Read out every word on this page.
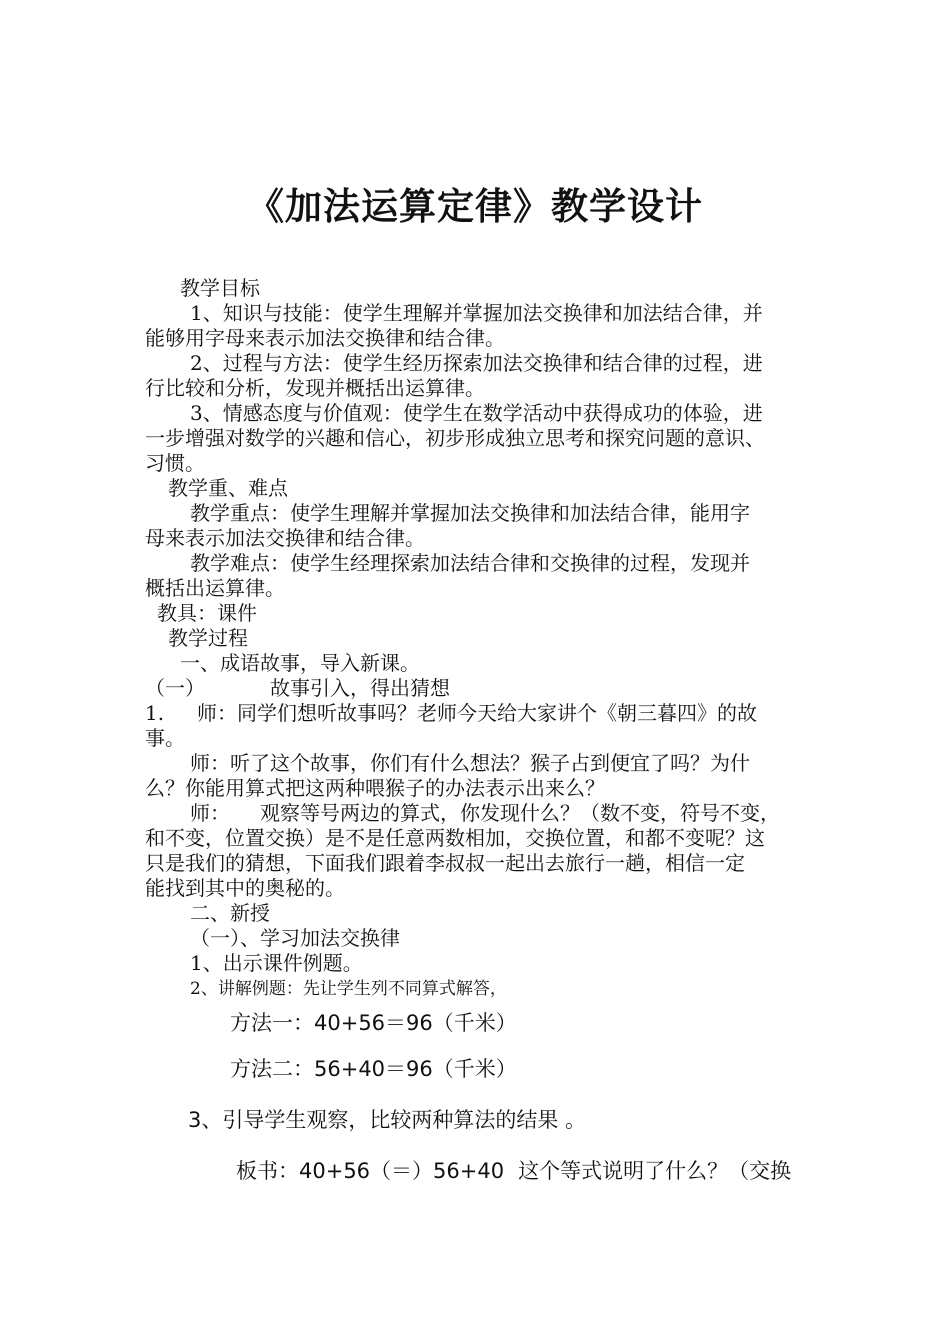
《加法运算定律》教学设计
教学目标
1、知识与技能：使学生理解并掌握加法交换律和加法结合律，并
能够用字母来表示加法交换律和结合律。
2、过程与方法：使学生经历探索加法交换律和结合律的过程，进
行比较和分析，发现并概括出运算律。
3、情感态度与价值观：使学生在数学活动中获得成功的体验，进
一步增强对数学的兴趣和信心，初步形成独立思考和探究问题的意识、
习惯。
教学重、难点
教学重点：使学生理解并掌握加法交换律和加法结合律，能用字
母来表示加法交换律和结合律。
教学难点：使学生经理探索加法结合律和交换律的过程，发现并
概括出运算律。
教具：课件
教学过程
一、成语故事，导入新课。
（一）	故事引入，得出猜想
1. 师：同学们想听故事吗？老师今天给大家讲个《朝三暮四》的故
事。
师：听了这个故事，你们有什么想法？猴子占到便宜了吗？为什
么？你能用算式把这两种喂猴子的办法表示出来么？
师： 观察等号两边的算式，你发现什么？（数不变，符号不变，
和不变，位置交换）是不是任意两数相加，交换位置，和都不变呢？这
只是我们的猜想，下面我们跟着李叔叔一起出去旅行一趟，相信一定
能找到其中的奥秘的。
二、新授
（一）、学习加法交换律
1、出示课件例题。
2、讲解例题：先让学生列不同算式解答，
方法一：40+56＝96（千米）
方法二：56+40＝96（千米）
3、引导学生观察，比较两种算法的结果 。
板书：40+56（＝）56+40 这个等式说明了什么？（交换
